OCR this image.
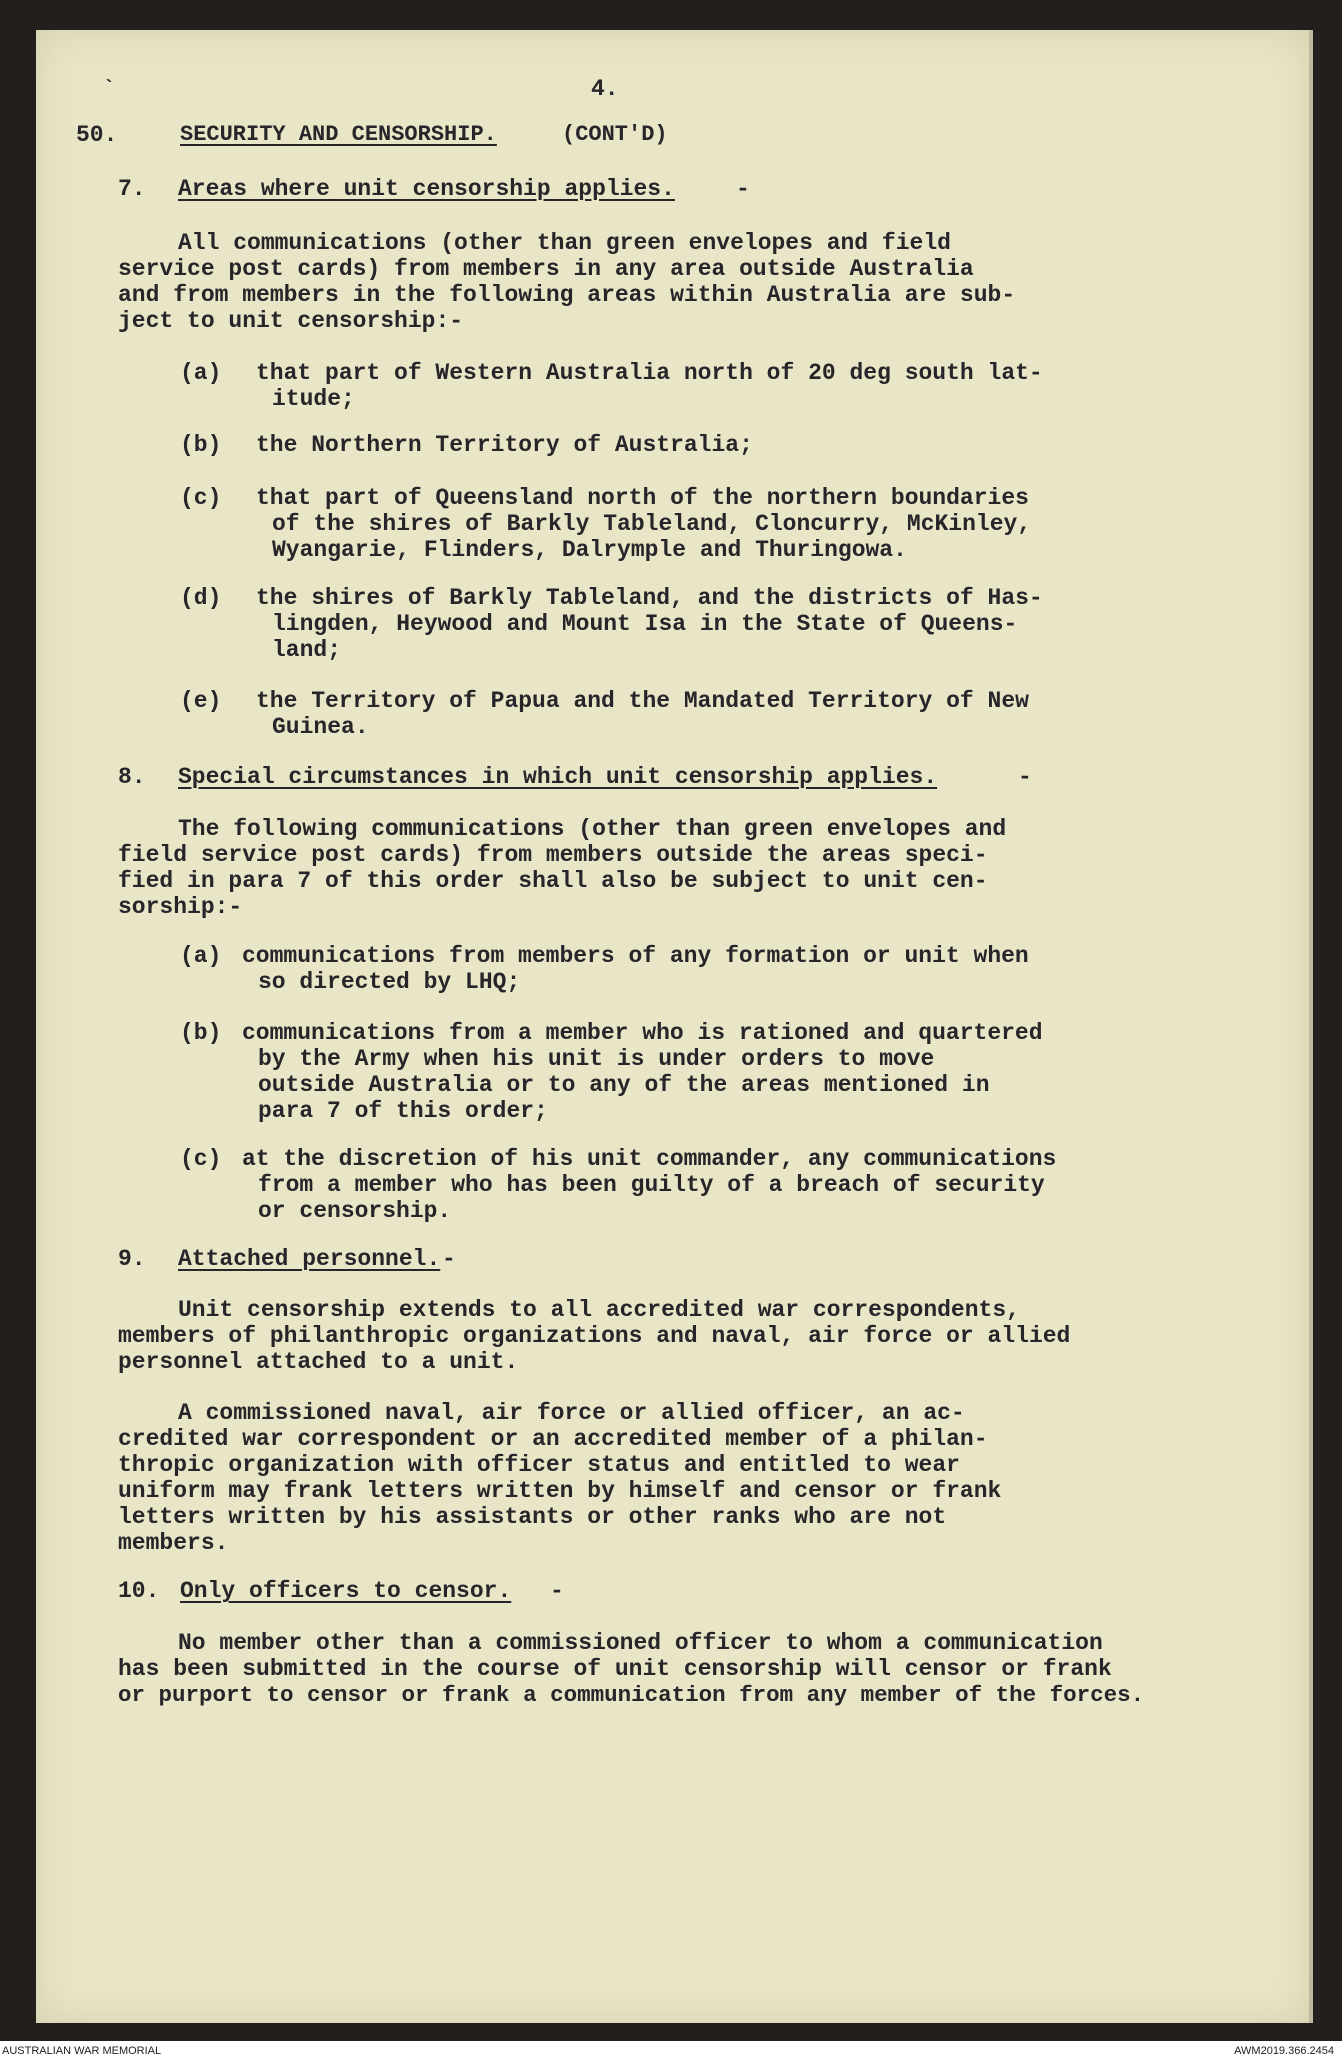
`	4.
50.	SECURITY AND CENSORSHIP.	(CONT'D)
7. Areas where unit censorship applies.	-
All communications (other than green envelopes and field
service post cards) from members in any area outside Australia
and from members in the following areas within Australia are sub-
ject to unit censorship:-
(a) that part of Western Australia north of 20 deg south lat-
itude;
(b) the Northern Territory of Australia;
(c) that part of Queensland north of the northern boundaries
of the shires of Barkly Tableland, Cloncurry, McKinley,
Wyangarie, Flinders, Dalrymple and Thuringowa.
(d) the shires of Barkly Tableland, and the districts of Has-
lingden, Heywood and Mount Isa in the State of Queens-
land;
(e) the Territory of Papua and the Mandated Territory of New
Guinea.
8. Special circumstances in which unit censorship applies.	-
The following communications (other than green envelopes and
field service post cards) from members outside the areas speci-
fied in para 7 of this order shall also be subject to unit cen-
sorship:-
(a) communications from members of any formation or unit when
so directed by LHQ;
(b) communications from a member who is rationed and quartered
by the Army when his unit is under orders to move
outside Australia or to any of the areas mentioned in
para 7 of this order;
(c) at the discretion of his unit commander, any communications
from a member who has been guilty of a breach of security
or censorship.
9. Attached personnel. -
Unit censorship extends to all accredited war correspondents,
members of philanthropic organizations and naval, air force or allied
personnel attached to a unit.
A commissioned naval, air force or allied officer, an ac-
credited war correspondent or an accredited member of a philan-
thropic organization with officer status and entitled to wear
uniform may frank letters written by himself and censor or frank
letters written by his assistants or other ranks who are not
members.
10. Only officers to censor. -
No member other than a commissioned officer to whom a communication
has been submitted in the course of unit censorship will censor or frank
or purport to censor or frank a communication from any member of the forces.
AUSTRALIAN WAR MEMORIAL	AWM2019.366.2454
